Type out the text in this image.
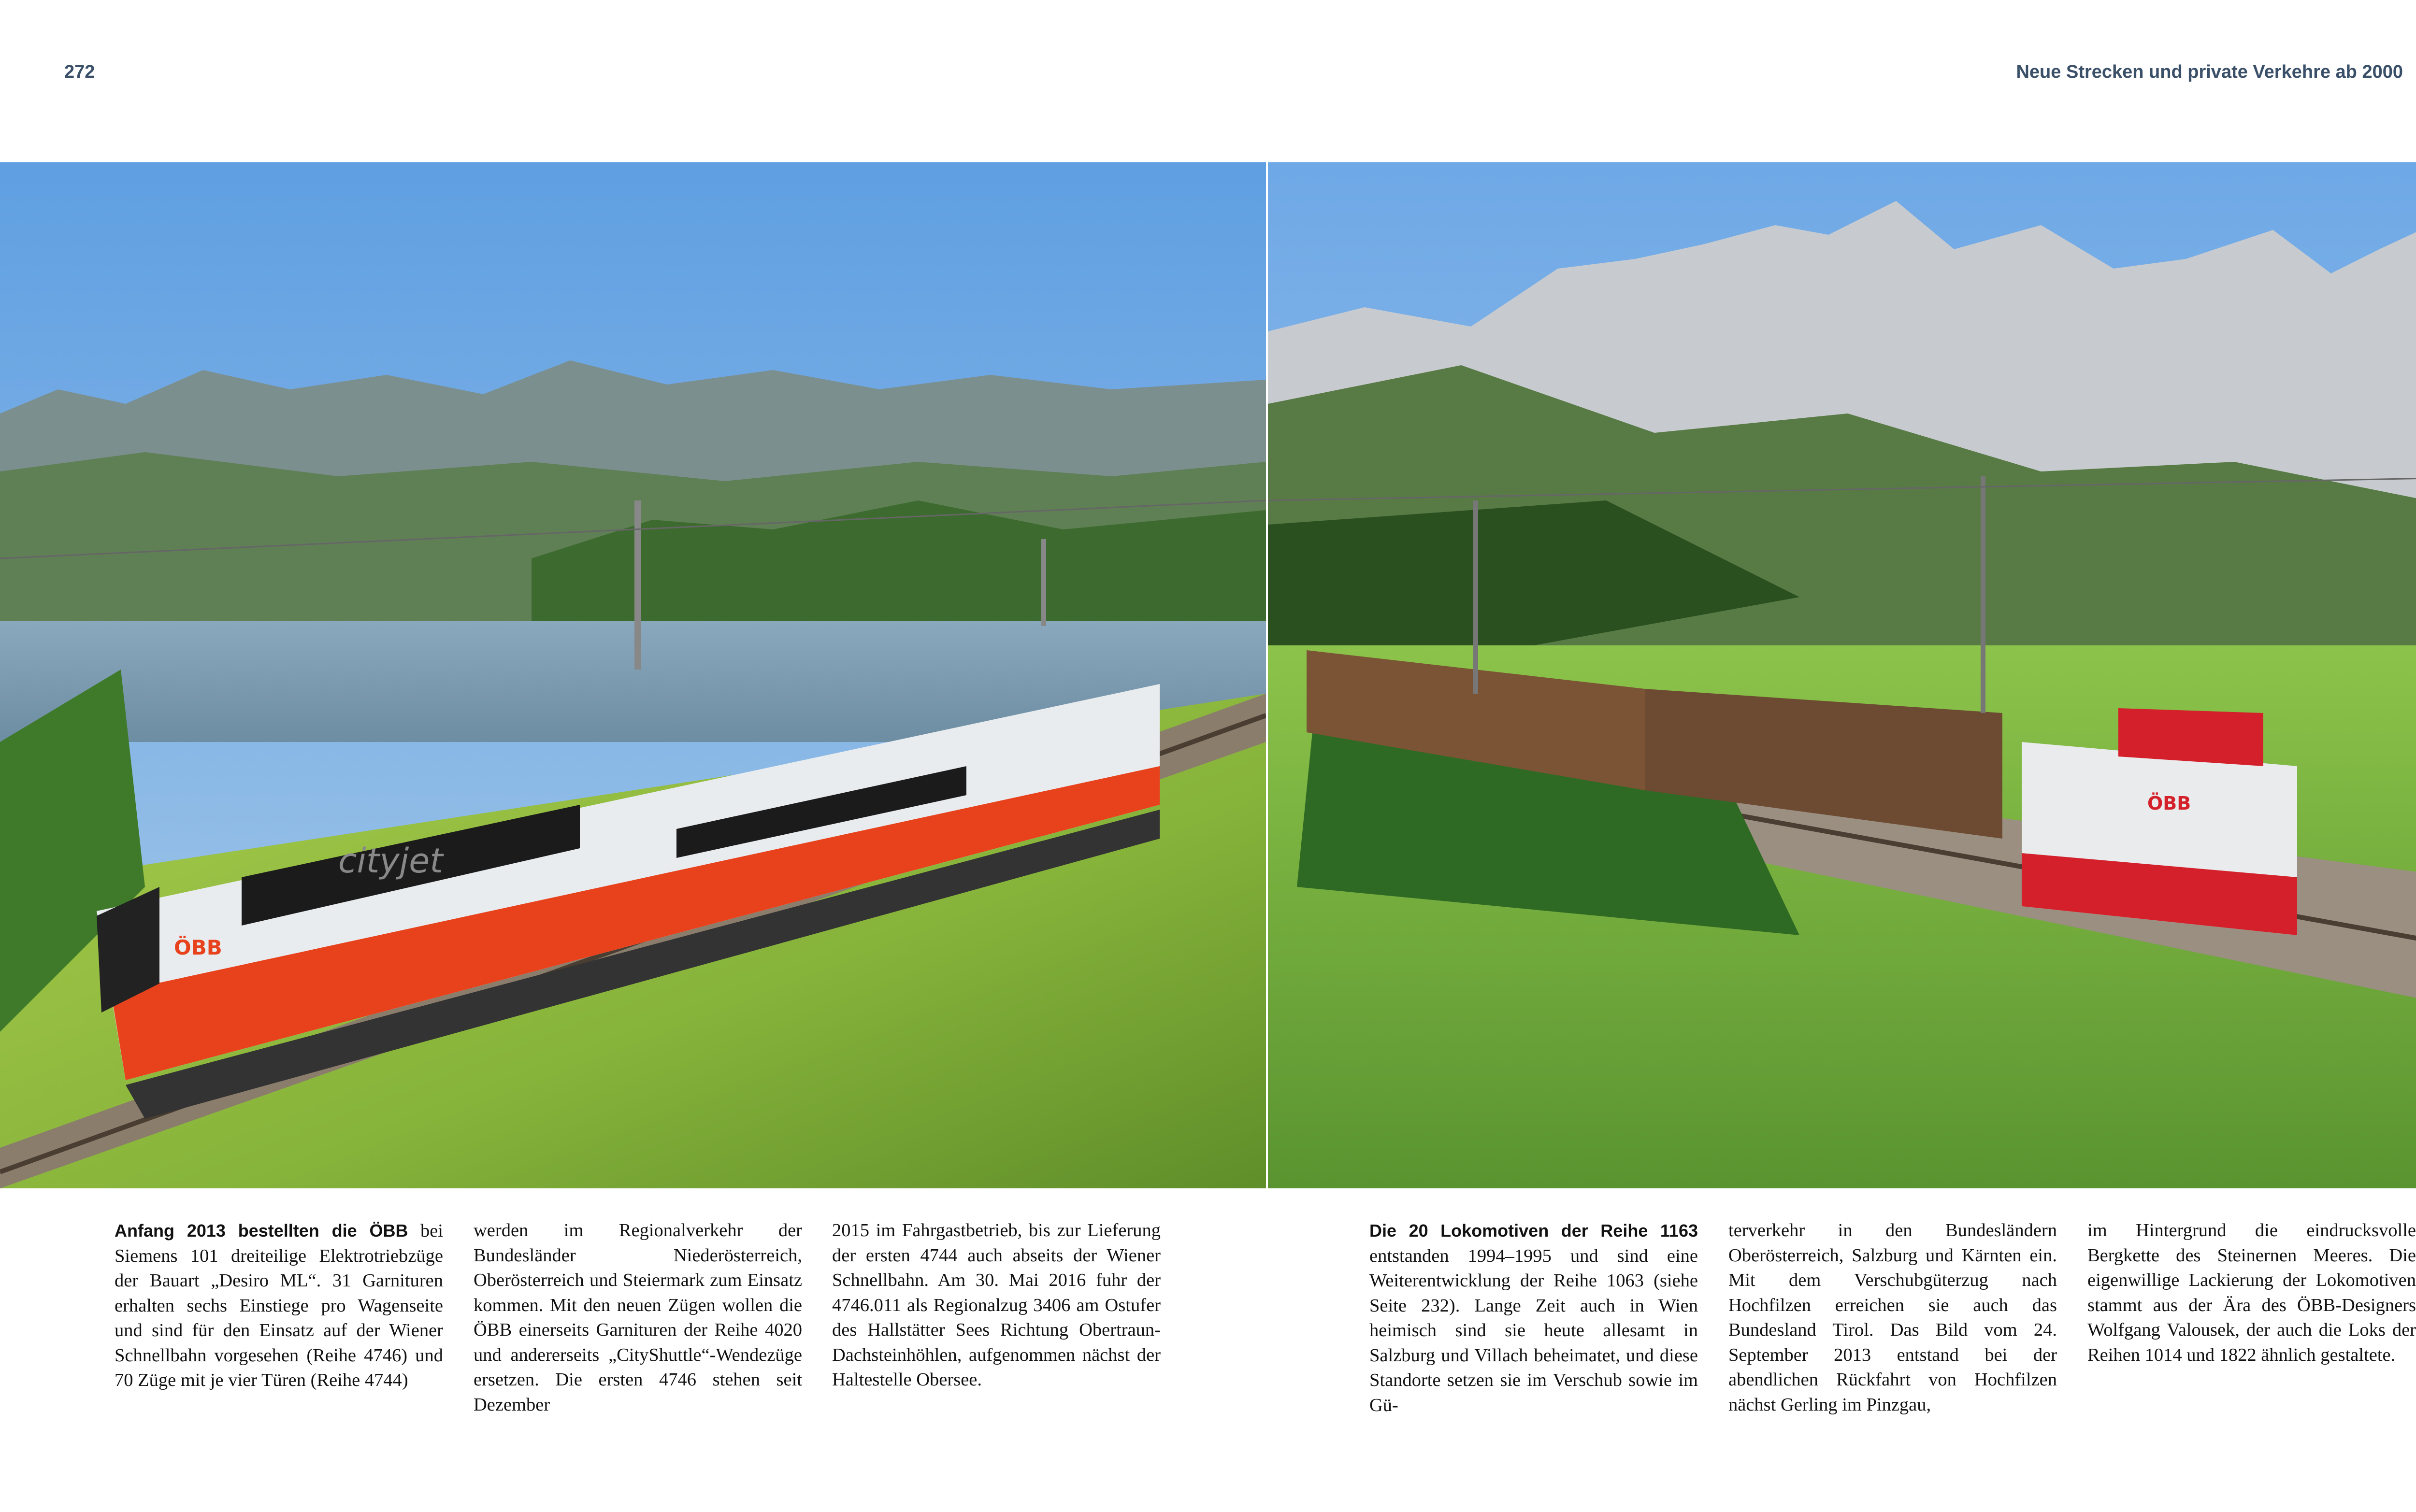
272	Neue Strecken und private Verkehre ab 2000
cityjet
ÖBB
ÖBB
Anfang 2013 bestellten die ÖBB bei Siemens 101 dreiteilige Elektrotriebzüge der Bauart „Desiro ML“. 31 Garnituren erhalten sechs Einstiege pro Wagenseite und sind für den Einsatz auf der Wiener Schnellbahn vorgesehen (Reihe 4746) und 70 Züge mit je vier Türen (Reihe 4744)
werden im Regionalverkehr der Bundesländer Niederösterreich, Oberösterreich und Steiermark zum Einsatz kommen. Mit den neuen Zügen wollen die ÖBB einerseits Garnituren der Reihe 4020 und andererseits „CityShuttle“-Wendezüge ersetzen. Die ersten 4746 stehen seit Dezember
2015 im Fahrgastbetrieb, bis zur Lieferung der ersten 4744 auch abseits der Wiener Schnellbahn. Am 30. Mai 2016 fuhr der 4746.011 als Regionalzug 3406 am Ostufer des Hallstätter Sees Richtung Obertraun-Dachsteinhöhlen, aufgenommen nächst der Haltestelle Obersee.
Die 20 Lokomotiven der Reihe 1163 entstanden 1994–1995 und sind eine Weiterentwicklung der Reihe 1063 (siehe Seite 232). Lange Zeit auch in Wien heimisch sind sie heute allesamt in Salzburg und Villach beheimatet, und diese Standorte setzen sie im Verschub sowie im Gü-
terverkehr in den Bundesländern Oberösterreich, Salzburg und Kärnten ein. Mit dem Verschubgüterzug nach Hochfilzen erreichen sie auch das Bundesland Tirol. Das Bild vom 24. September 2013 entstand bei der abendlichen Rückfahrt von Hochfilzen nächst Gerling im Pinzgau,
im Hintergrund die eindrucksvolle Bergkette des Steinernen Meeres. Die eigenwillige Lackierung der Lokomotiven stammt aus der Ära des ÖBB-Designers Wolfgang Valousek, der auch die Loks der Reihen 1014 und 1822 ähnlich gestaltete.
